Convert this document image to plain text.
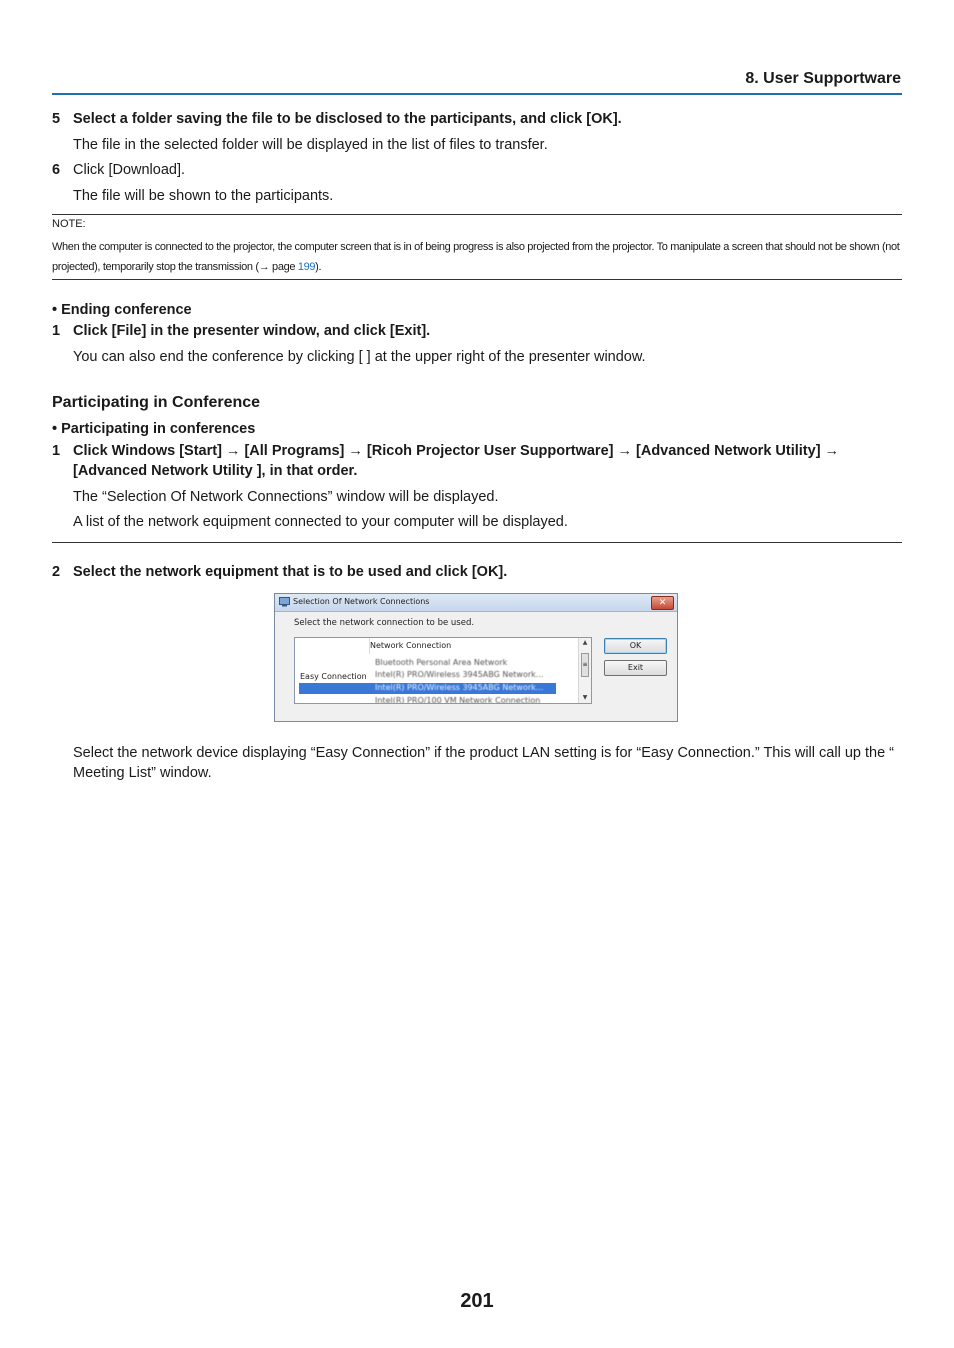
8. User Supportware
5 Select a folder saving the file to be disclosed to the participants, and click [OK].
The file in the selected folder will be displayed in the list of files to transfer.
6 Click [Download].
The file will be shown to the participants.
NOTE:
When the computer is connected to the projector, the computer screen that is in of being progress is also projected from the projector. To manipulate a screen that should not be shown (not projected), temporarily stop the transmission (→ page 199).
• Ending conference
1 Click [File] in the presenter window, and click [Exit].
You can also end the conference by clicking [ ] at the upper right of the presenter window.
Participating in Conference
• Participating in conferences
1 Click Windows [Start] → [All Programs] → [Ricoh Projector User Supportware] → [Advanced Network Utility] → [Advanced Network Utility ], in that order.
The “Selection Of Network Connections” window will be displayed.
A list of the network equipment connected to your computer will be displayed.
2 Select the network equipment that is to be used and click [OK].
Selection Of Network Connections	✕
Select the network connection to be used.
Network Connection
Easy Connection
Bluetooth Personal Area Network
Intel(R) PRO/Wireless 3945ABG Network...
Intel(R) PRO/Wireless 3945ABG Network...
Intel(R) PRO/100 VM Network Connection
▲
≡
▼
OK
Exit
Select the network device displaying “Easy Connection” if the product LAN setting is for “Easy Connection.” This will call up the “ Meeting List” window.
201
